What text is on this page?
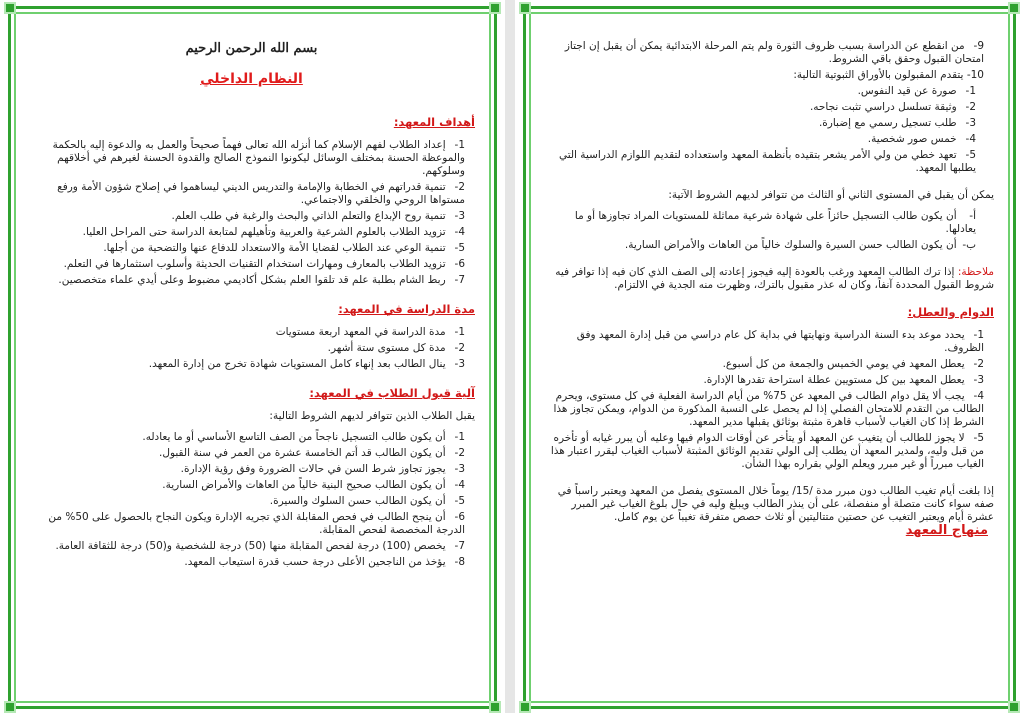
بسم الله الرحمن الرحيم
النظام الداخلي
أهداف المعهد:
1- إعداد الطلاب لفهم الإسلام كما أنزله الله تعالى فهماً صحيحاً والعمل به والدعوة إليه بالحكمة والموعظة الحسنة بمختلف الوسائل ليكونوا النموذج الصالح والقدوة الحسنة لغيرهم في أخلاقهم وسلوكهم.
2- تنمية قدراتهم في الخطابة والإمامة والتدريس الديني ليساهموا في إصلاح شؤون الأمة ورفع مستواها الروحي والخلقي والاجتماعي.
3- تنمية روح الإبداع والتعلم الذاتي والبحث والرغبة في طلب العلم.
4- تزويد الطلاب بالعلوم الشرعية والعربية وتأهيلهم لمتابعة الدراسة حتى المراحل العليا.
5- تنمية الوعي عند الطلاب لقضايا الأمة والاستعداد للدفاع عنها والتضحية من أجلها.
6- تزويد الطلاب بالمعارف ومهارات استخدام التقنيات الحديثة وأسلوب استثمارها في التعلم.
7- ربط الشام بطلبة علم قد تلقوا العلم بشكل أكاديمي مضبوط وعلى أيدي علماء متخصصين.
مدة الدراسة في المعهد:
1- مدة الدراسة في المعهد اربعة مستويات
2- مدة كل مستوى ستة أشهر.
3- ينال الطالب بعد إنهاء كامل المستويات شهادة تخرج من إدارة المعهد.
آلية قبول الطلاب في المعهد:

يقبل الطلاب الذين تتوافر لديهم الشروط التالية:

1- أن يكون طالب التسجيل ناجحاً من الصف التاسع الأساسي أو ما يعادله.
2- أن يكون الطالب قد أتم الخامسة عشرة من العمر في سنة القبول.
3- يجوز تجاوز شرط السن في حالات الضرورة وفق رؤية الإدارة.
4- أن يكون الطالب صحيح البنية خالياً من العاهات والأمراض السارية.
5- أن يكون الطالب حسن السلوك والسيرة.
6- أن ينجح الطالب في فحص المقابلة الذي تجريه الإدارة ويكون النجاح بالحصول على 50% من الدرجة المخصصة لفحص المقابلة.
7- يخصص (100) درجة لفحص المقابلة منها (50) درجة للشخصية و(50) درجة للثقافة العامة.
8- يؤخذ من الناجحين الأعلى درجة حسب قدرة استيعاب المعهد.
9- من انقطع عن الدراسة بسبب ظروف الثورة ولم يتم المرحلة الابتدائية يمكن أن يقبل إن اجتاز امتحان القبول وحقق باقي الشروط.
10- يتقدم المقبولون بالأوراق الثبوتية التالية:
1- صورة عن قيد النفوس.
2- وثيقة تسلسل دراسي تثبت نجاحه.
3- طلب تسجيل رسمي مع إضبارة.
4- خمس صور شخصية.
5- تعهد خطي من ولي الأمر يشعر بتقيده بأنظمة المعهد واستعداده لتقديم اللوازم الدراسية التي يطلبها المعهد.

يمكن أن يقبل في المستوى الثاني أو الثالث من تتوافر لديهم الشروط الآتية:

أ- أن يكون طالب التسجيل حائزاً على شهادة شرعية مماثلة للمستويات المراد تجاوزها أو ما يعادلها.
ب- أن يكون الطالب حسن السيرة والسلوك خالياً من العاهات والأمراض السارية.

ملاحظة: إذا ترك الطالب المعهد ورغب بالعودة إليه فيجوز إعادته إلى الصف الذي كان فيه إذا توافر فيه شروط القبول المحددة آنفاً، وكان له عذر مقبول بالترك، وظهرت منه الجدية في الالتزام.

الدوام والعطل:
1- يحدد موعد بدء السنة الدراسية ونهايتها في بداية كل عام دراسي من قبل إدارة المعهد وفق الظروف.
2- يعطل المعهد في يومي الخميس والجمعة من كل أسبوع.
3- يعطل المعهد بين كل مستويين عطلة استراحة تقدرها الإدارة.
4- يجب ألا يقل دوام الطالب في المعهد عن 75% من أيام الدراسة الفعلية في كل مستوى، ويحرم الطالب من التقدم للامتحان الفصلي إذا لم يحصل على النسبة المذكورة من الدوام، ويمكن تجاوز هذا الشرط إذا كان الغياب لأسباب قاهرة مثبتة بوثائق يقبلها مدير المعهد.
5- لا يجوز للطالب أن يتغيب عن المعهد أو يتأخر عن أوقات الدوام فيها وعليه أن يبرر غيابه أو تأخره من قبل وليه، ولمدير المعهد أن يطلب إلى الولي تقديم الوثائق المثبتة لأسباب الغياب ليقرر اعتبار هذا الغياب مبرراً أو غير مبرر ويعلم الولي بقراره بهذا الشأن.

إذا بلغت أيام تغيب الطالب دون مبرر مدة /15/ يوماً خلال المستوى يفصل من المعهد ويعتبر راسباً في صفه سواء كانت متصلة أو منفصلة، على أن ينذر الطالب ويبلغ وليه في حال بلوغ الغياب غير المبرر عشرة أيام ويعتبر التغيب عن حصتين متتاليتين أو ثلاث حصص متفرقة تغيباً عن يوم كامل. منهاج المعهد
